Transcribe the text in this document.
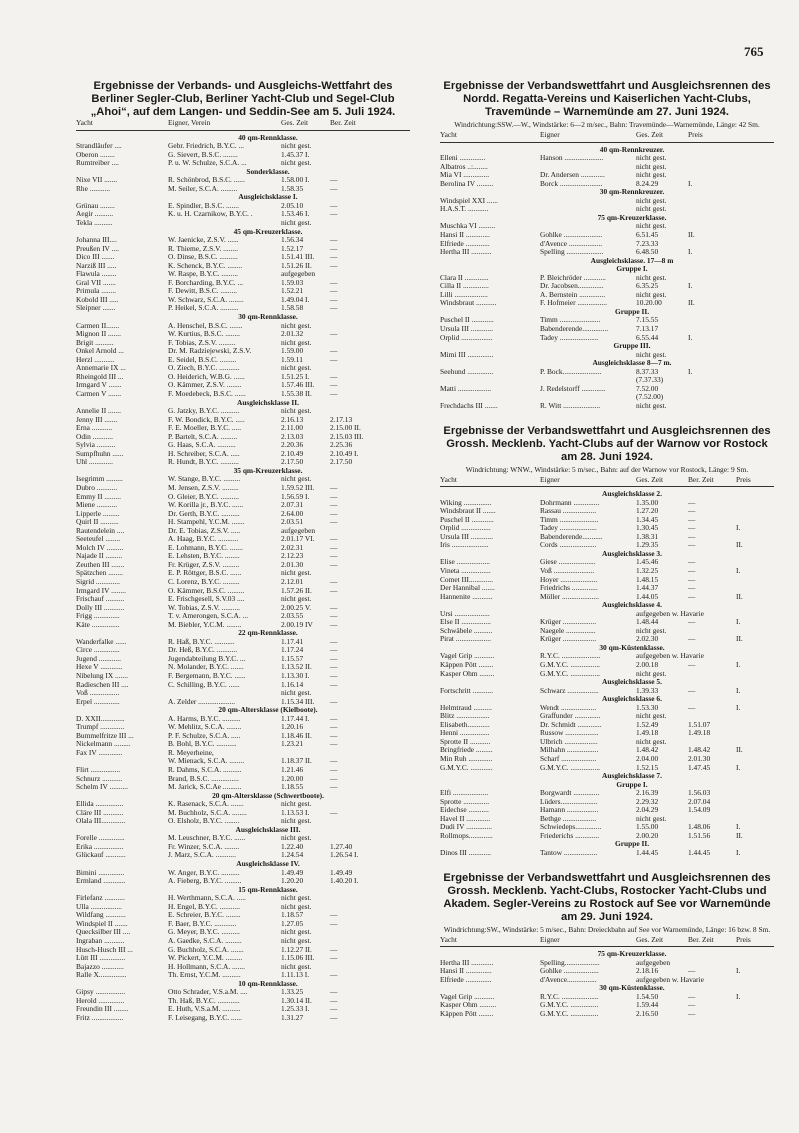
765
Ergebnisse der Verbands- und Ausgleichs-Wettfahrt des Berliner Segler-Club, Berliner Yacht-Club und Segel-Club „Ahoi“, auf dem Langen- und Seddin-See am 5. Juli 1924.
Yacht	Eigner, Verein	Ges. Zeit	Ber. Zeit
40 qm-Rennklasse.
Strandläufer ....	Gebr. Friedrich, B.Y.C. ...	nicht gest.
Oberon ........	G. Sievert, B.S.C. ........	1.45.37 I.
Rumtreiber ....	P. u. W. Schulze, S.C.A. ...	nicht gest.
Sonderklasse.
Nixe VII .......	R. Schönbrod, B.S.C. ......	1.58.00 I.	—
Rhe ...........	M. Seiler, S.C.A. .........	1.58.35	—
Ausgleichsklasse I.
Grünau ........	E. Spindler, B.S.C. .......	2.05.10	—
Aegir ..........	K. u. H. Czarnikow, B.Y.C. .	1.53.46 I.	—
Tekla ..........	nicht gest.
45 qm-Kreuzerklasse.
Johanna III....	W. Jaenicke, Z.S.V. ......	1.56.34	—
Preußen IV ....	R. Thieme, Z.S.V. ........	1.52.17	—
Dico III .......	O. Dinse, B.S.C. ..........	1.51.41 III.	—
Narziß III .....	K. Schenck, B.Y.C. ........	1.51.26 II.	—
Flawula ........	W. Raspe, B.Y.C. .........	aufgegeben
Gral VII .......	F. Borcharding, B.Y.C. ...	1.59.03	—
Primula ........	F. Dewitt, B.S.C. .........	1.52.21	—
Kobold III .....	W. Schwarz, S.C.A. ........	1.49.04 I.	—
Sleipner .......	P. Heikel, S.C.A. ..........	1.58.58	—
30 qm-Rennklasse.
Carmen II.......	A. Henschel, B.S.C. .......	nicht gest.
Mignon II .......	W. Kurtius, B.S.C. ........	2.01.32	—
Brigit ..........	F. Tobias, Z.S.V. .........	nicht gest.
Onkel Arnold ...	Dr. M. Radziejewski, Z.S.V.	1.59.00	—
Herzl ...........	E. Seidel, B.S.C. .........	1.59.11	—
Annemarie IX ...	O. Ziech, B.Y.C. ...........	nicht gest.
Rheingold III ...	O. Heiderich, W.B.G. ......	1.51.25 I.	—
Irmgard V .......	O. Kämmer, Z.S.V. ........	1.57.46 III.	—
Carmen V .......	F. Moedebeck, B.S.C. ......	1.55.38 II.	—
Ausgleichsklasse II.
Annelie II .......	G. Jatzky, B.Y.C. ..........	nicht gest.
Jenny III .......	F. W. Bondick, B.Y.C. .....	2.16.13	2.17.13
Erna ...........	F. E. Moeller, B.Y.C. .....	2.11.00	2.15.00 II.
Odin ...........	P. Bartelt, S.C.A. .........	2.13.03	2.15.03 III.
Sylvia ..........	G. Haas, S.C.A. ..........	2.20.36	2.25.36
Sumpfhuhn ......	H. Schreiber, S.C.A. .....	2.10.49	2.10.49 I.
Uhl .............	R. Hundt, B.Y.C. ..........	2.17.50	2.17.50
35 qm-Kreuzerklasse.
Isegrimm .........	W. Stange, B.Y.C. .........	nicht gest.
Dubro ...........	M. Jensen, Z.S.V. .........	1.59.52 III.	—
Emmy II .........	O. Gleier, B.Y.C. ..........	1.56.59 I.	—
Miene ...........	W. Korilla jr., B.Y.C. ......	2.07.31	—
Lipperle .........	Dr. Gerth, B.Y.C. ..........	2.64.00	—
Quirl II ..........	H. Stampehl, Y.C.M. .......	2.03.51	—
Rautendelein ....	Dr. E. Tobias, Z.S.V. .....	aufgegeben
Seeteufel ........	A. Haag, B.Y.C. ...........	2.01.17 VI.	—
Molch IV .........	E. Lohmann, B.Y.C. .......	2.02.31	—
Najade II .........	E. Lehsten, B.Y.C. ........	2.12.23	—
Zeuthen III .......	Fr. Krüger, Z.S.V. .........	2.01.30	—
Spätzchen ........	E. P. Röttger, B.S.C. ......	nicht gest.
Sigrid .............	C. Lorenz, B.Y.C. .........	2.12.01	—
Irmgard IV ........	O. Kämmer, B.S.C. .........	1.57.26 II.	—
Frischauf ..........	E. Frischgesell, S.V.03 ....	nicht gest.
Dolly III ...........	W. Tobias, Z.S.V. ..........	2.00.25 V.	—
Frigg ..............	T. v. Amerongen, S.C.A. ...	2.03.55	—
Käte ...............	M. Biebler, Y.C.M. ........	2.00.19 IV	—
22 qm-Rennklasse.
Wanderfalke ......	R. Haß, B.Y.C. ...........	1.17.41	—
Circe ..............	Dr. Heß, B.Y.C. ...........	1.17.24	—
Jugend ............	Jugendabteilung B.Y.C. ...	1.15.57	—
Hexe V ............	N. Molander, B.Y.C. .......	1.13.52 II.	—
Nibelung IX .......	F. Bergemann, B.Y.C. ......	1.13.30 I.	—
Radieschen III ....	C. Schilling, B.Y.C. ......	1.16.14	—
Voß ................	nicht gest.
Erpel ..............	A. Zelder ....................	1.15.34 III.	—
20 qm-Altersklasse (Kielboote).
D. XXII.............	A. Harms, B.Y.C. ..........	1.17.44 I.	—
Trumpf .............	W. Mehlitz, S.C.A. ........	1.20.16	—
Bummelfritze III ...	P. F. Schulze, S.C.A. .....	1.18.46 II.	—
Nickelmann .........	B. Bohl, B.Y.C. ...........	1.23.21	—
Fax IV .............	R. Meyerheine,
W. Mienack, S.C.A. ........	1.18.37 II.	—
Flirt ................	R. Dahms, S.C.A. ..........	1.21.46	—
Schnurz ...........	Brand, B.S.C. ...............	1.20.00	—
Schelm IV ..........	M. Jarick, S.C.Ae ..........	1.18.55	—
20 qm-Altersklasse (Schwertboote).
Ellida ...............	K. Rasenack, S.C.A. .......	nicht gest.
Cläre III ...........	M. Buchholz, S.C.A. ........	1.13.53 I.	—
Olala III.............	O. Elsholz, B.Y.C. ........	nicht gest.
Ausgleichsklasse III.
Forelle ..............	M. Leuschner, B.Y.C. ......	nicht gest.
Erika ................	Fr. Winzer, S.C.A. ........	1.22.40	1.27.40
Glückauf ...........	J. Marz, S.C.A. ...........	1.24.54	1.26.54 I.
Ausgleichsklasse IV.
Bimini ..............	W. Anger, B.Y.C. ..........	1.49.49	1.49.49
Ermland ............	A. Fieberg, B.Y.C. .........	1.20.20	1.40.20 I.
15 qm-Rennklasse.
Firlefanz ...........	H. Werthmann, S.C.A. .....	nicht gest.
Ulla .................	H. Engel, B.Y.C. ...........	nicht gest.
Wildfang ...........	E. Schreier, B.Y.C. ........	1.18.57	—
Windspiel II .......	F. Baer, B.Y.C. ............	1.27.05	—
Quecksilber III ....	G. Meyer, B.Y.C. ..........	nicht gest.
Ingraban ...........	A. Gaedke, S.C.A. .........	nicht gest.
Husch-Husch III ...	G. Buchholz, S.C.A. .......	1.12.27 II.	—
Lütt III ..............	W. Pickert, Y.C.M. .........	1.15.06 III.	—
Bajazzo ............	H. Hollmann, S.C.A. .......	nicht gest.
Ralle X...............	Th. Ernst, Y.C.M. ..........	1.11.13 I.	—
10 qm-Rennklasse.
Gipsy ................	Otto Schrader, V.S.a.M. ....	1.33.25	—
Herold ..............	Th. Haß, B.Y.C. ............	1.30.14 II.	—
Freundin III ........	E. Huth, V.S.a.M. ..........	1.25.33 I.	—
Fritz .................	F. Leisegang, B.Y.C. ......	1.31.27	—
Ergebnisse der Verbandswettfahrt und Ausgleichsrennen des Nordd. Regatta-Vereins und Kaiserlichen Yacht-Clubs, Travemünde – Warnemünde am 27. Juni 1924.
Windrichtung:SSW.—W., Windstärke: 6—2 m/sec., Bahn: Travemünde—Warnemünde, Länge: 42 Sm.
Yacht	Eigner	Ges. Zeit	Preis
40 qm-Rennkreuzer.
Elleni ..............	Hanson .....................	nicht gest.
Albatros ..:........	nicht gest.
Mia VI ..............	Dr. Andersen .............	nicht gest.
Berolina IV .........	Borck .......................	8.24.29	I.
30 qm-Rennkreuzer.
Windspiel XXI ......	nicht gest.
H.A.S.T. ...........	nicht gest.
75 qm-Kreuzerklasse.
Muschka VI .........	nicht gest.
Hansi II .............	Gohlke .....................	6.51.45	II.
Elfriede .............	d'Avence ..................	7.23.33
Hertha III ...........	Spelling ....................	6.48.50	I.
Ausgleichsklasse. 17—8 m
Gruppe I.
Clara II .............	P. Bleichröder ............	nicht gest.
Cilla II ..............	Dr. Jacobsen..............	6.35.25	I.
Lilli ..................	A. Bernstein ..............	nicht gest.
Windsbraut ...........	F. Hofmeier ................	10.20.00	II.
Gruppe II.
Puschel II ............	Timm ......................	7.15.55
Ursula III ............	Babenderende..............	7.13.17
Orplid .................	Tadey .....................	6.55.44	I.
Gruppe III.
Mimi III ..............	nicht gest.
Ausgleichsklasse 8—7 m.
Seehund ..............	P. Bock.....................	8.37.33	I.
(7.37.33)
Matti ..................	J. Redelstorff .............	7.52.00
(7.52.00)
Frechdachs III .......	R. Witt ....................	nicht gest.
Ergebnisse der Verbandswettfahrt und Ausgleichsrennen des Grossh. Mecklenb. Yacht-Clubs auf der Warnow vor Rostock am 28. Juni 1924.
Windrichtung: WNW., Windstärke: 5 m/sec., Bahn: auf der Warnow vor Rostock, Länge: 9 Sm.
Yacht	Eigner	Ges. Zeit	Ber. Zeit	Preis
Ausgleichsklasse 2.
Wiking ...............	Dohrmann ..............	1.35.00	—
Windsbraut II .......	Rassau ..................	1.27.20	—
Puschel II ............	Timm .....................	1.34.45	—
Orplid ................	Tadey ....................	1.30.45	—	I.
Ursula III ............	Babenderende...........	1.38.31	—
Iris ....................	Cords ....................	1.29.35	—	II.
Ausgleichsklasse 3.
Elise ..................	Giese ....................	1.45.46	—
Vineta ................	Voß ......................	1.32.25	—	I.
Comet III.............	Hoyer ....................	1.48.15	—
Der Hannibal .......	Friedrichs ..............	1.44.37	—
Hannenite ...........	Möller ....................	1.44.05	—	II.
Ausgleichsklasse 4.
Ursi ...................	aufgegeben w. Havarie
Else II ................	Krüger ..................	1.48.44	—	I.
Schwäbele ..........	Naegele ................	nicht gest.
Pirat ...................	Krüger ..................	2.02.30	—	II.
30 qm-Küstenklasse.
Vagel Grip ...........	R.Y.C. .....................	aufgegeben w. Havarie
Käppen Pött ........	G.M.Y.C. ................	2.00.18	—	I.
Kasper Ohm ........	G.M.Y.C. ................	nicht gest.
Ausgleichsklasse 5.
Fortschritt ...........	Schwarz .................	1.39.33	—	I.
Ausgleichsklasse 6.
Helmtraud ..........	Wendt ...................	1.53.30	—	I.
Blitz ..................	Graffunder ..............	nicht gest.
Elisabeth............	Dr. Schmidt .............	1.52.49	1.51.07
Henni ................	Russow ..................	1.49.18	1.49.18
Sprotte II ...........	Ulbrich ..................	nicht gest.
Bringfriede .........	Milhahn .................	1.48.42	1.48.42	II.
Min Ruh .............	Scharf ...................	2.04.00	2.01.30
G.M.Y.C. ............	G.M.Y.C. ................	1.52.15	1.47.45	I.
Ausgleichsklasse 7.
Gruppe I.
Elfi ...................	Borgwardt ..............	2.16.39	1.56.03
Sprotte ..............	Lüders....................	2.29.32	2.07.04
Eidechse ...........	Hamann .................	2.04.29	1.54.09
Havel II .............	Bethge ..................	nicht gest.
Dudi IV ..............	Schwiedeps..............	1.55.00	1.48.06	I.
Rollmops.............	Friederichs .............	2.00.20	1.51.56	II.
Gruppe II.
Dinos III ............	Tantow ..................	1.44.45	1.44.45	I.
Ergebnisse der Verbandswettfahrt und Ausgleichsrennen des Grossh. Mecklenb. Yacht-Clubs, Rostocker Yacht-Clubs und Akadem. Segler-Vereins zu Rostock auf See vor Warnemünde am 29. Juni 1924.
Windrichtung:SW., Windstärke: 5 m/sec., Bahn: Dreieckbahn auf See vor Warnemünde, Länge: 16 bzw. 8 Sm.
Yacht	Eigner	Ges. Zeit	Ber. Zeit	Preis
75 qm-Kreuzerklasse.
Hertha III ............	Spelling...................	aufgegeben
Hansi II ..............	Gohlke ...................	2.18.16	—	I.
Elfriede ..............	d'Avence................	aufgegeben w. Havarie
30 qm-Küstenklasse.
Vagel Grip ...........	R.Y.C. ....................	1.54.50	—	I.
Kasper Ohm .........	G.M.Y.C. ...............	1.59.44	—
Käppen Pött ........	G.M.Y.C. ...............	2.16.50	—
